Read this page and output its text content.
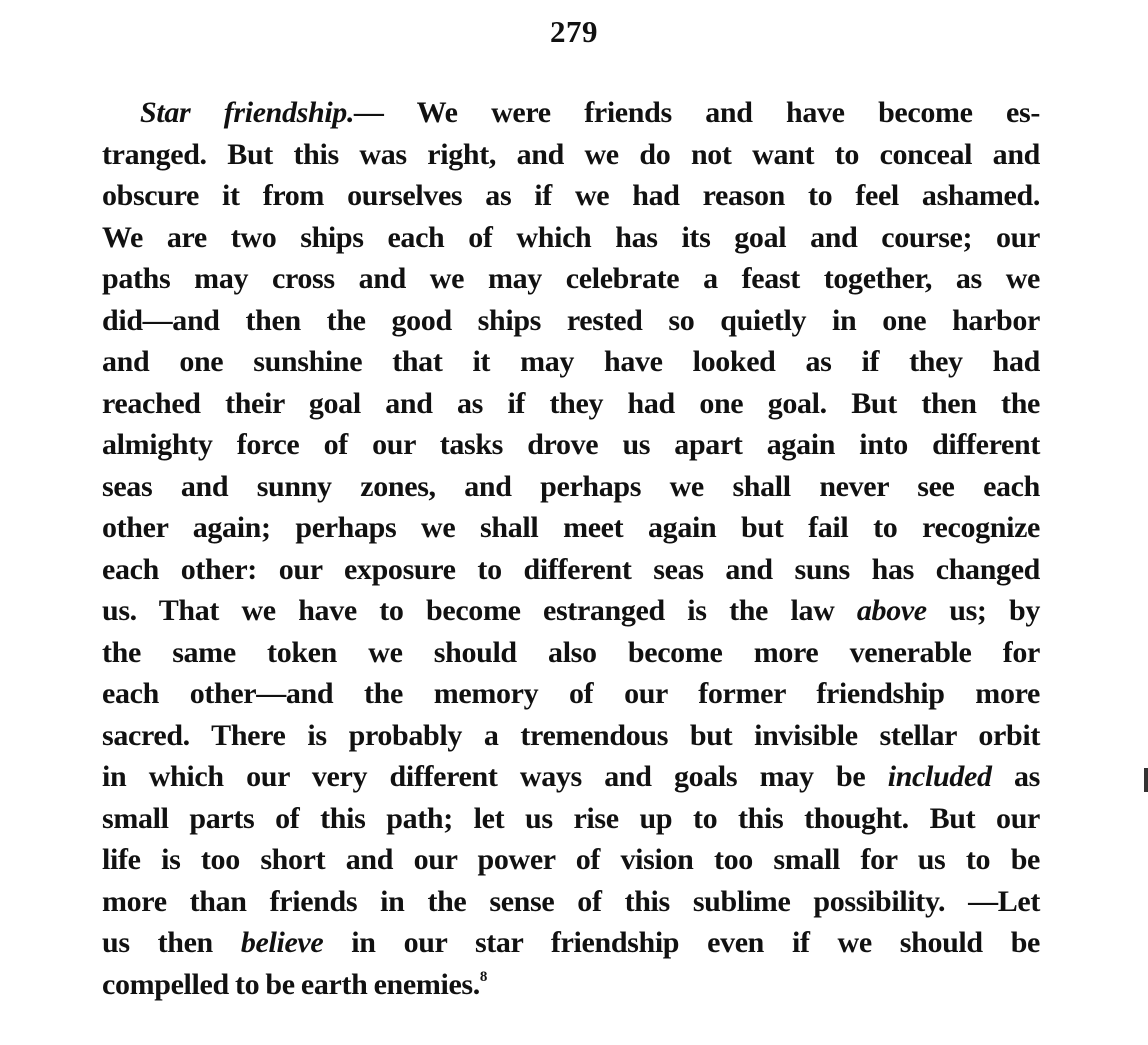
279
Star friendship.— We were friends and have become es-
tranged. But this was right, and we do not want to conceal and
obscure it from ourselves as if we had reason to feel ashamed.
We are two ships each of which has its goal and course; our
paths may cross and we may celebrate a feast together, as we
did—and then the good ships rested so quietly in one harbor
and one sunshine that it may have looked as if they had
reached their goal and as if they had one goal. But then the
almighty force of our tasks drove us apart again into different
seas and sunny zones, and perhaps we shall never see each
other again; perhaps we shall meet again but fail to recognize
each other: our exposure to different seas and suns has changed
us. That we have to become estranged is the law above us; by
the same token we should also become more venerable for
each other—and the memory of our former friendship more
sacred. There is probably a tremendous but invisible stellar orbit
in which our very different ways and goals may be included as
small parts of this path; let us rise up to this thought. But our
life is too short and our power of vision too small for us to be
more than friends in the sense of this sublime possibility. —Let
us then believe in our star friendship even if we should be
compelled to be earth enemies.$^8$
